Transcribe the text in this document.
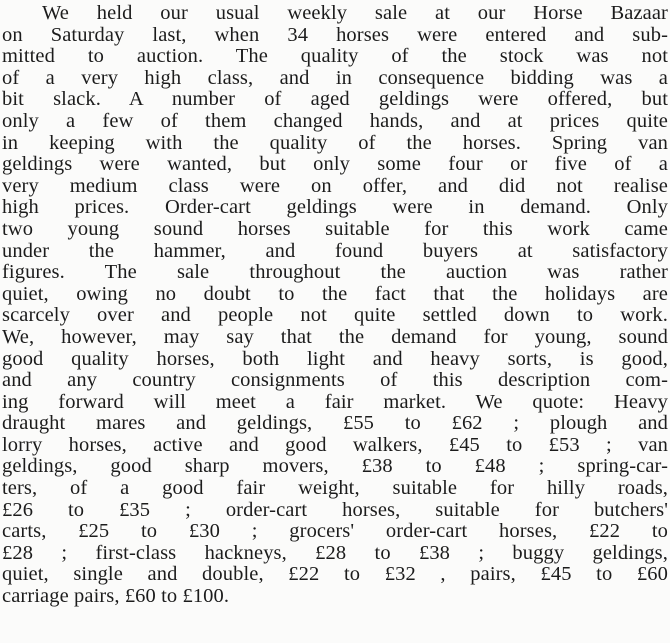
We held our usual weekly sale at our Horse Bazaar
on Saturday last, when 34 horses were entered and sub-
mitted to auction. The quality of the stock was not
of a very high class, and in consequence bidding was a
bit slack. A number of aged geldings were offered, but
only a few of them changed hands, and at prices quite
in keeping with the quality of the horses. Spring van
geldings were wanted, but only some four or five of a
very medium class were on offer, and did not realise
high prices. Order-cart geldings were in demand. Only
two young sound horses suitable for this work came
under the hammer, and found buyers at satisfactory
figures. The sale throughout the auction was rather
quiet, owing no doubt to the fact that the holidays are
scarcely over and people not quite settled down to work.
We, however, may say that the demand for young, sound
good quality horses, both light and heavy sorts, is good,
and any country consignments of this description com-
ing forward will meet a fair market. We quote: Heavy
draught mares and geldings, £55 to £62 ; plough and
lorry horses, active and good walkers, £45 to £53 ; van
geldings, good sharp movers, £38 to £48 ; spring-car-
ters, of a good fair weight, suitable for hilly roads,
£26 to £35 ; order-cart horses, suitable for butchers'
carts, £25 to £30 ; grocers' order-cart horses, £22 to
£28 ; first-class hackneys, £28 to £38 ; buggy geldings,
quiet, single and double, £22 to £32 , pairs, £45 to £60
carriage pairs, £60 to £100.
